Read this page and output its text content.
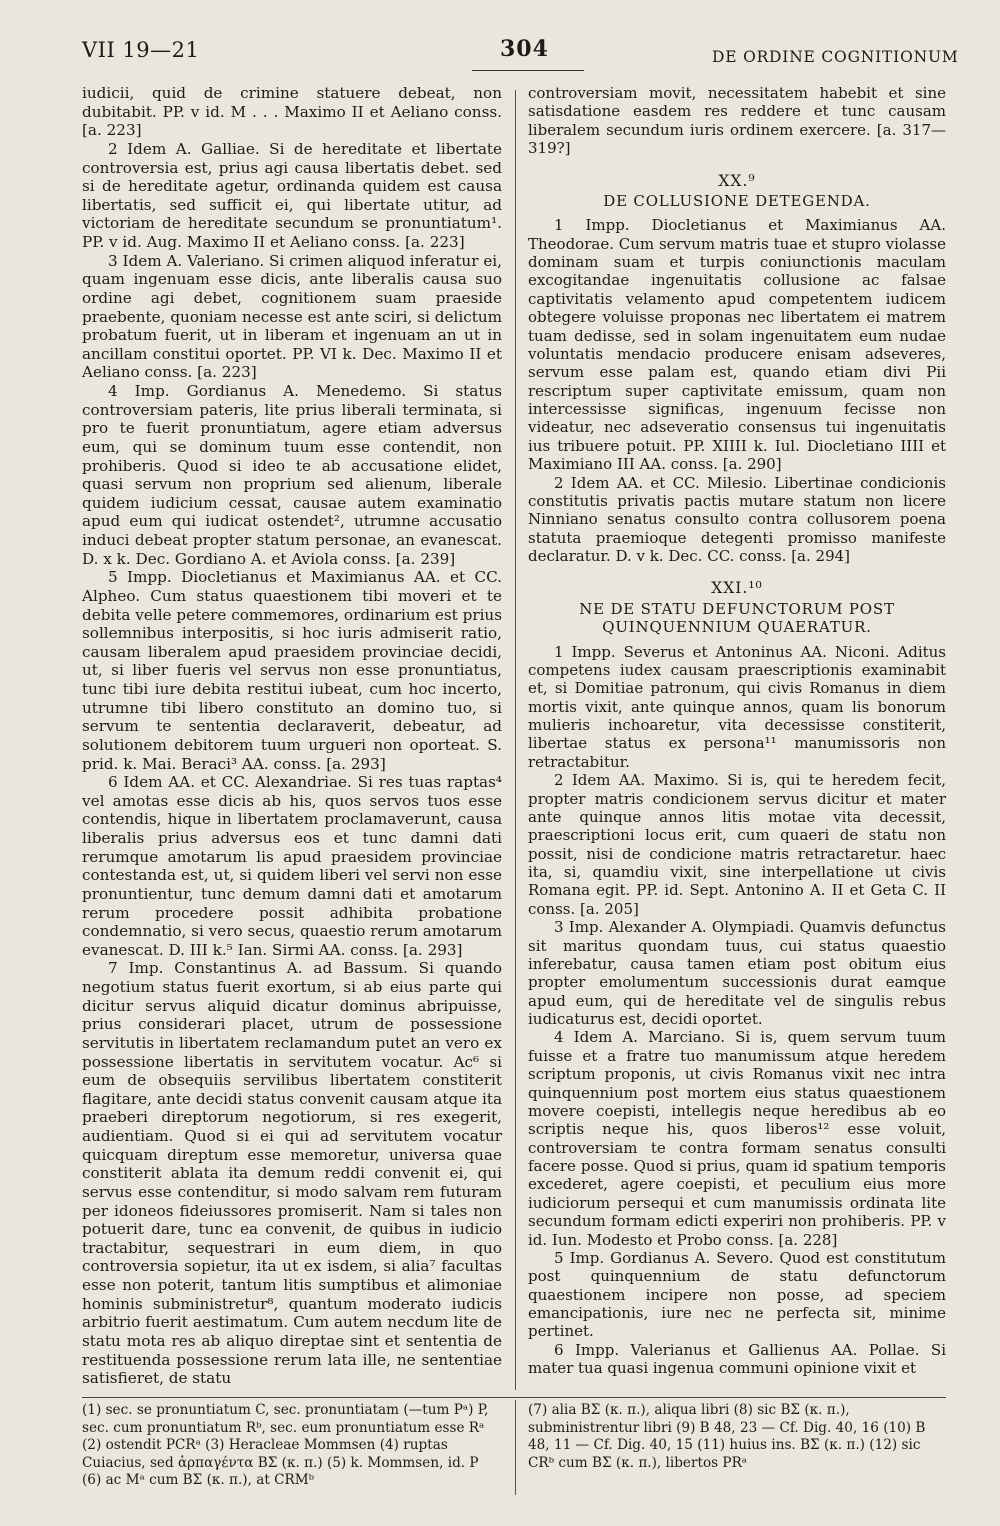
VII 19—21	304	DE ORDINE COGNITIONUM

iudicii, quid de crimine statuere debeat, non dubitabit. PP. v id. M . . . Maximo II et Aeliano conss. [a. 223]

2 Idem A. Galliae. Si de hereditate et libertate controversia est, prius agi causa libertatis debet. sed si de hereditate agetur, ordinanda quidem est causa libertatis, sed sufficit ei, qui libertate utitur, ad victoriam de hereditate secundum se pronuntiatum¹. PP. v id. Aug. Maximo II et Aeliano conss. [a. 223]

3 Idem A. Valeriano. Si crimen aliquod inferatur ei, quam ingenuam esse dicis, ante liberalis causa suo ordine agi debet, cognitionem suam praeside praebente, quoniam necesse est ante sciri, si delictum probatum fuerit, ut in liberam et ingenuam an ut in ancillam constitui oportet. PP. VI k. Dec. Maximo II et Aeliano conss. [a. 223]

4 Imp. Gordianus A. Menedemo. Si status controversiam pateris, lite prius liberali terminata, si pro te fuerit pronuntiatum, agere etiam adversus eum, qui se dominum tuum esse contendit, non prohiberis. Quod si ideo te ab accusatione elidet, quasi servum non proprium sed alienum, liberale quidem iudicium cessat, causae autem examinatio apud eum qui iudicat ostendet², utrumne accusatio induci debeat propter statum personae, an evanescat. D. x k. Dec. Gordiano A. et Aviola conss. [a. 239]

5 Impp. Diocletianus et Maximianus AA. et CC. Alpheo. Cum status quaestionem tibi moveri et te debita velle petere commemores, ordinarium est prius sollemnibus interpositis, si hoc iuris admiserit ratio, causam liberalem apud praesidem provinciae decidi, ut, si liber fueris vel servus non esse pronuntiatus, tunc tibi iure debita restitui iubeat, cum hoc incerto, utrumne tibi libero constituto an domino tuo, si servum te sententia declaraverit, debeatur, ad solutionem debitorem tuum urgueri non oporteat. S. prid. k. Mai. Beraci³ AA. conss. [a. 293]

6 Idem AA. et CC. Alexandriae. Si res tuas raptas⁴ vel amotas esse dicis ab his, quos servos tuos esse contendis, hique in libertatem proclamaverunt, causa liberalis prius adversus eos et tunc damni dati rerumque amotarum lis apud praesidem provinciae contestanda est, ut, si quidem liberi vel servi non esse pronuntientur, tunc demum damni dati et amotarum rerum procedere possit adhibita probatione condemnatio, si vero secus, quaestio rerum amotarum evanescat. D. III k.⁵ Ian. Sirmi AA. conss. [a. 293]

7 Imp. Constantinus A. ad Bassum. Si quando negotium status fuerit exortum, si ab eius parte qui dicitur servus aliquid dicatur dominus abripuisse, prius considerari placet, utrum de possessione servitutis in libertatem reclamandum putet an vero ex possessione libertatis in servitutem vocatur. Ac⁶ si eum de obsequiis servilibus libertatem constiterit flagitare, ante decidi status convenit causam atque ita praeberi direptorum negotiorum, si res exegerit, audientiam. Quod si ei qui ad servitutem vocatur quicquam direptum esse memoretur, universa quae constiterit ablata ita demum reddi convenit ei, qui servus esse contenditur, si modo salvam rem futuram per idoneos fideiussores promiserit. Nam si tales non potuerit dare, tunc ea convenit, de quibus in iudicio tractabitur, sequestrari in eum diem, in quo controversia sopietur, ita ut ex isdem, si alia⁷ facultas esse non poterit, tantum litis sumptibus et alimoniae hominis subministretur⁸, quantum moderato iudicis arbitrio fuerit aestimatum. Cum autem necdum lite de statu mota res ab aliquo direptae sint et sententia de restituenda possessione rerum lata ille, ne sententiae satisfieret, de statu

controversiam movit, necessitatem habebit et sine satisdatione easdem res reddere et tunc causam liberalem secundum iuris ordinem exercere. [a. 317—319?]

XX.⁹
DE COLLUSIONE DETEGENDA.

1 Impp. Diocletianus et Maximianus AA. Theodorae. Cum servum matris tuae et stupro violasse dominam suam et turpis coniunctionis maculam excogitandae ingenuitatis collusione ac falsae captivitatis velamento apud competentem iudicem obtegere voluisse proponas nec libertatem ei matrem tuam dedisse, sed in solam ingenuitatem eum nudae voluntatis mendacio producere enisam adseveres, servum esse palam est, quando etiam divi Pii rescriptum super captivitate emissum, quam non intercessisse significas, ingenuum fecisse non videatur, nec adseveratio consensus tui ingenuitatis ius tribuere potuit. PP. XIIII k. Iul. Diocletiano IIII et Maximiano III AA. conss. [a. 290]

2 Idem AA. et CC. Milesio. Libertinae condicionis constitutis privatis pactis mutare statum non licere Ninniano senatus consulto contra collusorem poena statuta praemioque detegenti promisso manifeste declaratur. D. v k. Dec. CC. conss. [a. 294]

XXI.¹⁰
NE DE STATU DEFUNCTORUM POST QUINQUENNIUM QUAERATUR.

1 Impp. Severus et Antoninus AA. Niconi. Aditus competens iudex causam praescriptionis examinabit et, si Domitiae patronum, qui civis Romanus in diem mortis vixit, ante quinque annos, quam lis bonorum mulieris inchoaretur, vita decessisse constiterit, libertae status ex persona¹¹ manumissoris non retractabitur.

2 Idem AA. Maximo. Si is, qui te heredem fecit, propter matris condicionem servus dicitur et mater ante quinque annos litis motae vita decessit, praescriptioni locus erit, cum quaeri de statu non possit, nisi de condicione matris retractaretur. haec ita, si, quamdiu vixit, sine interpellatione ut civis Romana egit. PP. id. Sept. Antonino A. II et Geta C. II conss. [a. 205]

3 Imp. Alexander A. Olympiadi. Quamvis defunctus sit maritus quondam tuus, cui status quaestio inferebatur, causa tamen etiam post obitum eius propter emolumentum successionis durat eamque apud eum, qui de hereditate vel de singulis rebus iudicaturus est, decidi oportet.

4 Idem A. Marciano. Si is, quem servum tuum fuisse et a fratre tuo manumissum atque heredem scriptum proponis, ut civis Romanus vixit nec intra quinquennium post mortem eius status quaestionem movere coepisti, intellegis neque heredibus ab eo scriptis neque his, quos liberos¹² esse voluit, controversiam te contra formam senatus consulti facere posse. Quod si prius, quam id spatium temporis excederet, agere coepisti, et peculium eius more iudiciorum persequi et cum manumissis ordinata lite secundum formam edicti experiri non prohiberis. PP. v id. Iun. Modesto et Probo conss. [a. 228]

5 Imp. Gordianus A. Severo. Quod est constitutum post quinquennium de statu defunctorum quaestionem incipere non posse, ad speciem emancipationis, iure nec ne perfecta sit, minime pertinet.

6 Impp. Valerianus et Gallienus AA. Pollae. Si mater tua quasi ingenua communi opinione vixit et

(1) sec. se pronuntiatum C, sec. pronuntiatam (—tum Pᵃ) P, sec. cum pronuntiatum Rᵇ, sec. eum pronuntiatum esse Rᵃ (2) ostendit PCRᵃ (3) Heracleae Mommsen (4) ruptas Cuiacius, sed ἁρπαγέντα BΣ (κ. π.) (5) k. Mommsen, id. P (6) ac Mᵃ cum BΣ (κ. π.), at CRMᵇ
(7) alia BΣ (κ. π.), aliqua libri (8) sic BΣ (κ. π.), subministrentur libri (9) B 48, 23 — Cf. Dig. 40, 16 (10) B 48, 11 — Cf. Dig. 40, 15 (11) huius ins. BΣ (κ. π.) (12) sic CRᵇ cum BΣ (κ. π.), libertos PRᵃ
